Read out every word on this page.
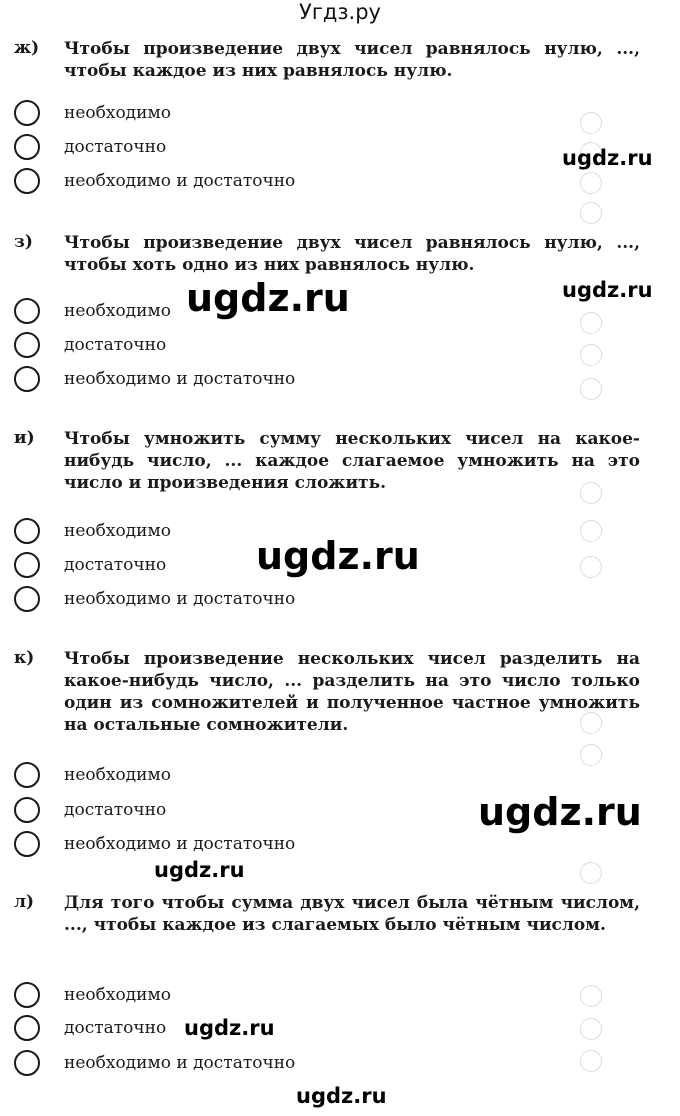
Угдз.ру
ж) Чтобы произведение двух чисел равнялось нулю, ..., чтобы каждое из них равнялось нулю.
необходимо
достаточно
необходимо и достаточно
з) Чтобы произведение двух чисел равнялось нулю, ..., чтобы хоть одно из них равнялось нулю.
необходимо
достаточно
необходимо и достаточно
и) Чтобы умножить сумму нескольких чисел на какое-нибудь число, ... каждое слагаемое умножить на это число и произведения сложить.
необходимо
достаточно
необходимо и достаточно
к) Чтобы произведение нескольких чисел разделить на какое-нибудь число, ... разделить на это число только один из сомножителей и полученное частное умножить на остальные сомножители.
необходимо
достаточно
необходимо и достаточно
л) Для того чтобы сумма двух чисел была чётным числом, ..., чтобы каждое из слагаемых было чётным числом.
необходимо
достаточно
необходимо и достаточно
ugdz.ru
ugdz.ru
ugdz.ru
ugdz.ru
ugdz.ru
ugdz.ru
ugdz.ru
ugdz.ru
